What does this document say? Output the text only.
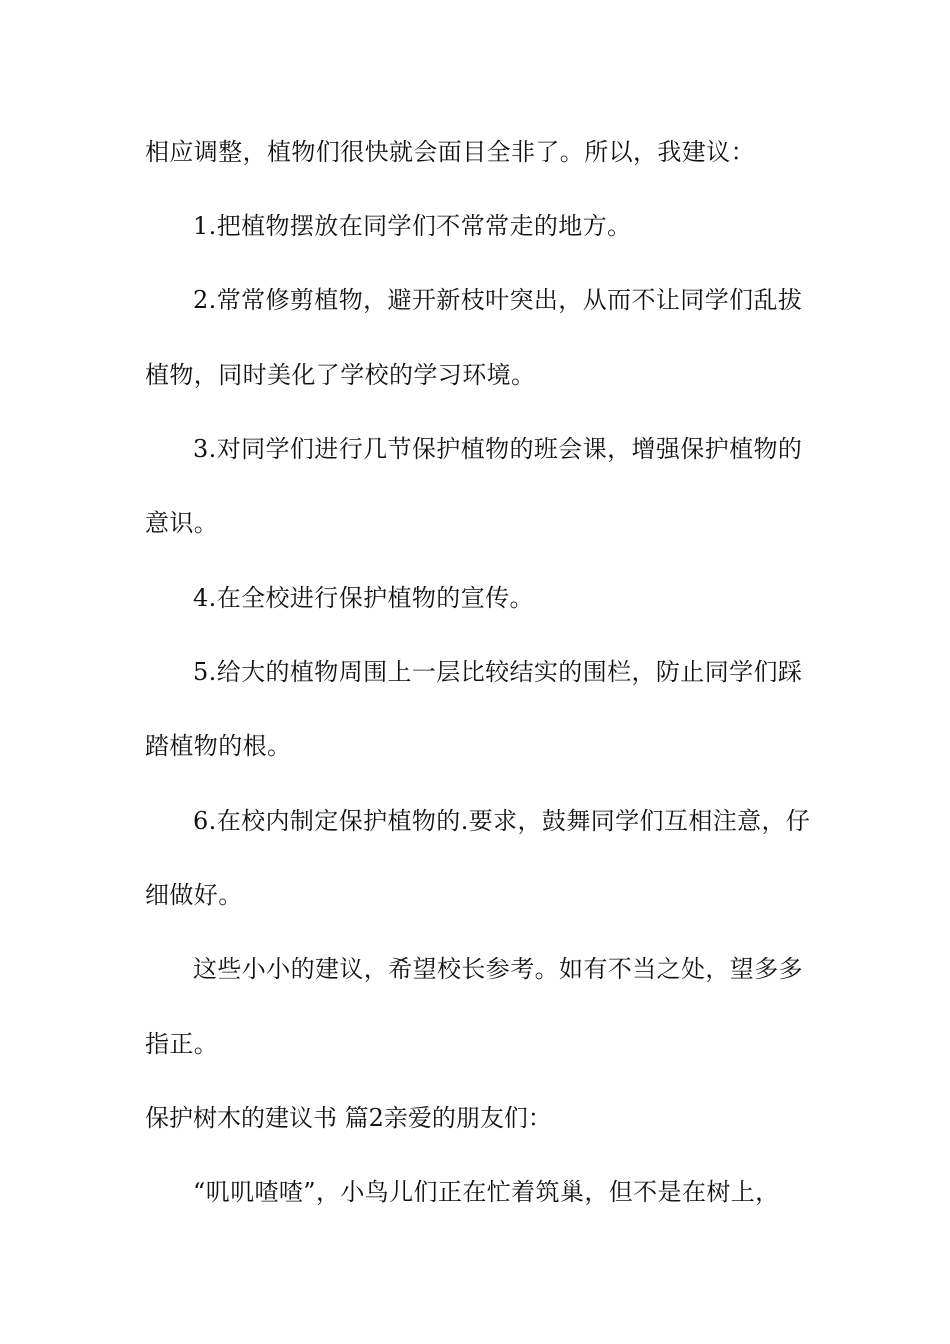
相应调整，植物们很快就会面目全非了。所以，我建议：
1.把植物摆放在同学们不常常走的地方。
2.常常修剪植物，避开新枝叶突出，从而不让同学们乱拔
植物，同时美化了学校的学习环境。
3.对同学们进行几节保护植物的班会课，增强保护植物的
意识。
4.在全校进行保护植物的宣传。
5.给大的植物周围上一层比较结实的围栏，防止同学们踩
踏植物的根。
6.在校内制定保护植物的.要求，鼓舞同学们互相注意，仔
细做好。
这些小小的建议，希望校长参考。如有不当之处，望多多
指正。
保护树木的建议书 篇2亲爱的朋友们：
“叽叽喳喳”，小鸟儿们正在忙着筑巢，但不是在树上，
